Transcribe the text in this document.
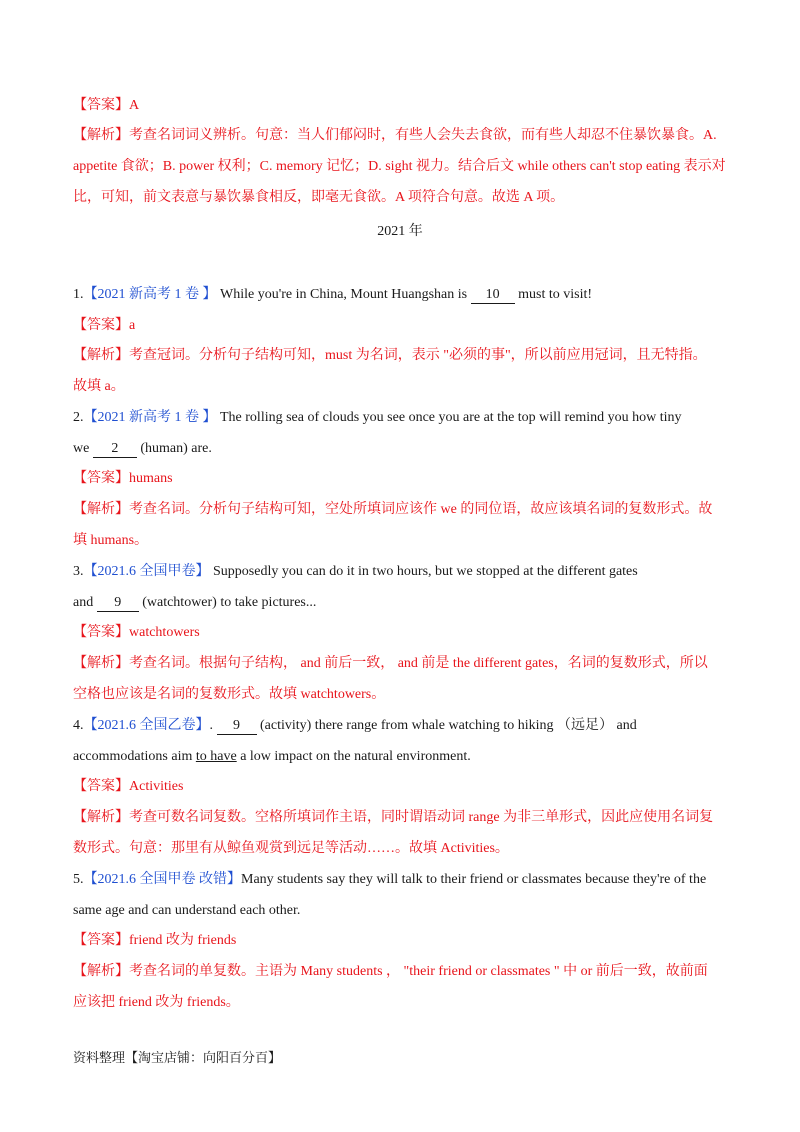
【答案】A
【解析】考查名词词义辨析。句意：当人们郁闷时，有些人会失去食欲，而有些人却忍不住暴饮暴食。A.
appetite 食欲；B. power 权利；C. memory 记忆；D. sight 视力。结合后文 while others can't stop eating 表示对
比，可知，前文表意与暴饮暴食相反，即毫无食欲。A 项符合句意。故选 A 项。
2021 年
1.【2021 新高考 1 卷 】 While you're in China, Mount Huangshan is 10 must to visit!
【答案】a
【解析】考查冠词。分析句子结构可知，must 为名词，表示 "必须的事"，所以前应用冠词，且无特指。
故填 a。
2.【2021 新高考 1 卷 】 The rolling sea of clouds you see once you are at the top will remind you how tiny
we 2 (human) are.
【答案】humans
【解析】考查名词。分析句子结构可知，空处所填词应该作 we 的同位语，故应该填名词的复数形式。故
填 humans。
3.【2021.6 全国甲卷】 Supposedly you can do it in two hours, but we stopped at the different gates
and 9 (watchtower) to take pictures...
【答案】watchtowers
【解析】考查名词。根据句子结构， and 前后一致， and 前是 the different gates，名词的复数形式，所以
空格也应该是名词的复数形式。故填 watchtowers。
4.【2021.6 全国乙卷】. 9 (activity) there range from whale watching to hiking （远足） and
accommodations aim to have a low impact on the natural environment.
【答案】Activities
【解析】考查可数名词复数。空格所填词作主语，同时谓语动词 range 为非三单形式，因此应使用名词复
数形式。句意：那里有从鲸鱼观赏到远足等活动……。故填 Activities。
5.【2021.6 全国甲卷 改错】Many students say they will talk to their friend or classmates because they're of the
same age and can understand each other.
【答案】friend 改为 friends
【解析】考查名词的单复数。主语为 Many students ， "their friend or classmates " 中 or 前后一致，故前面
应该把 friend 改为 friends。
资料整理【淘宝店铺：向阳百分百】
